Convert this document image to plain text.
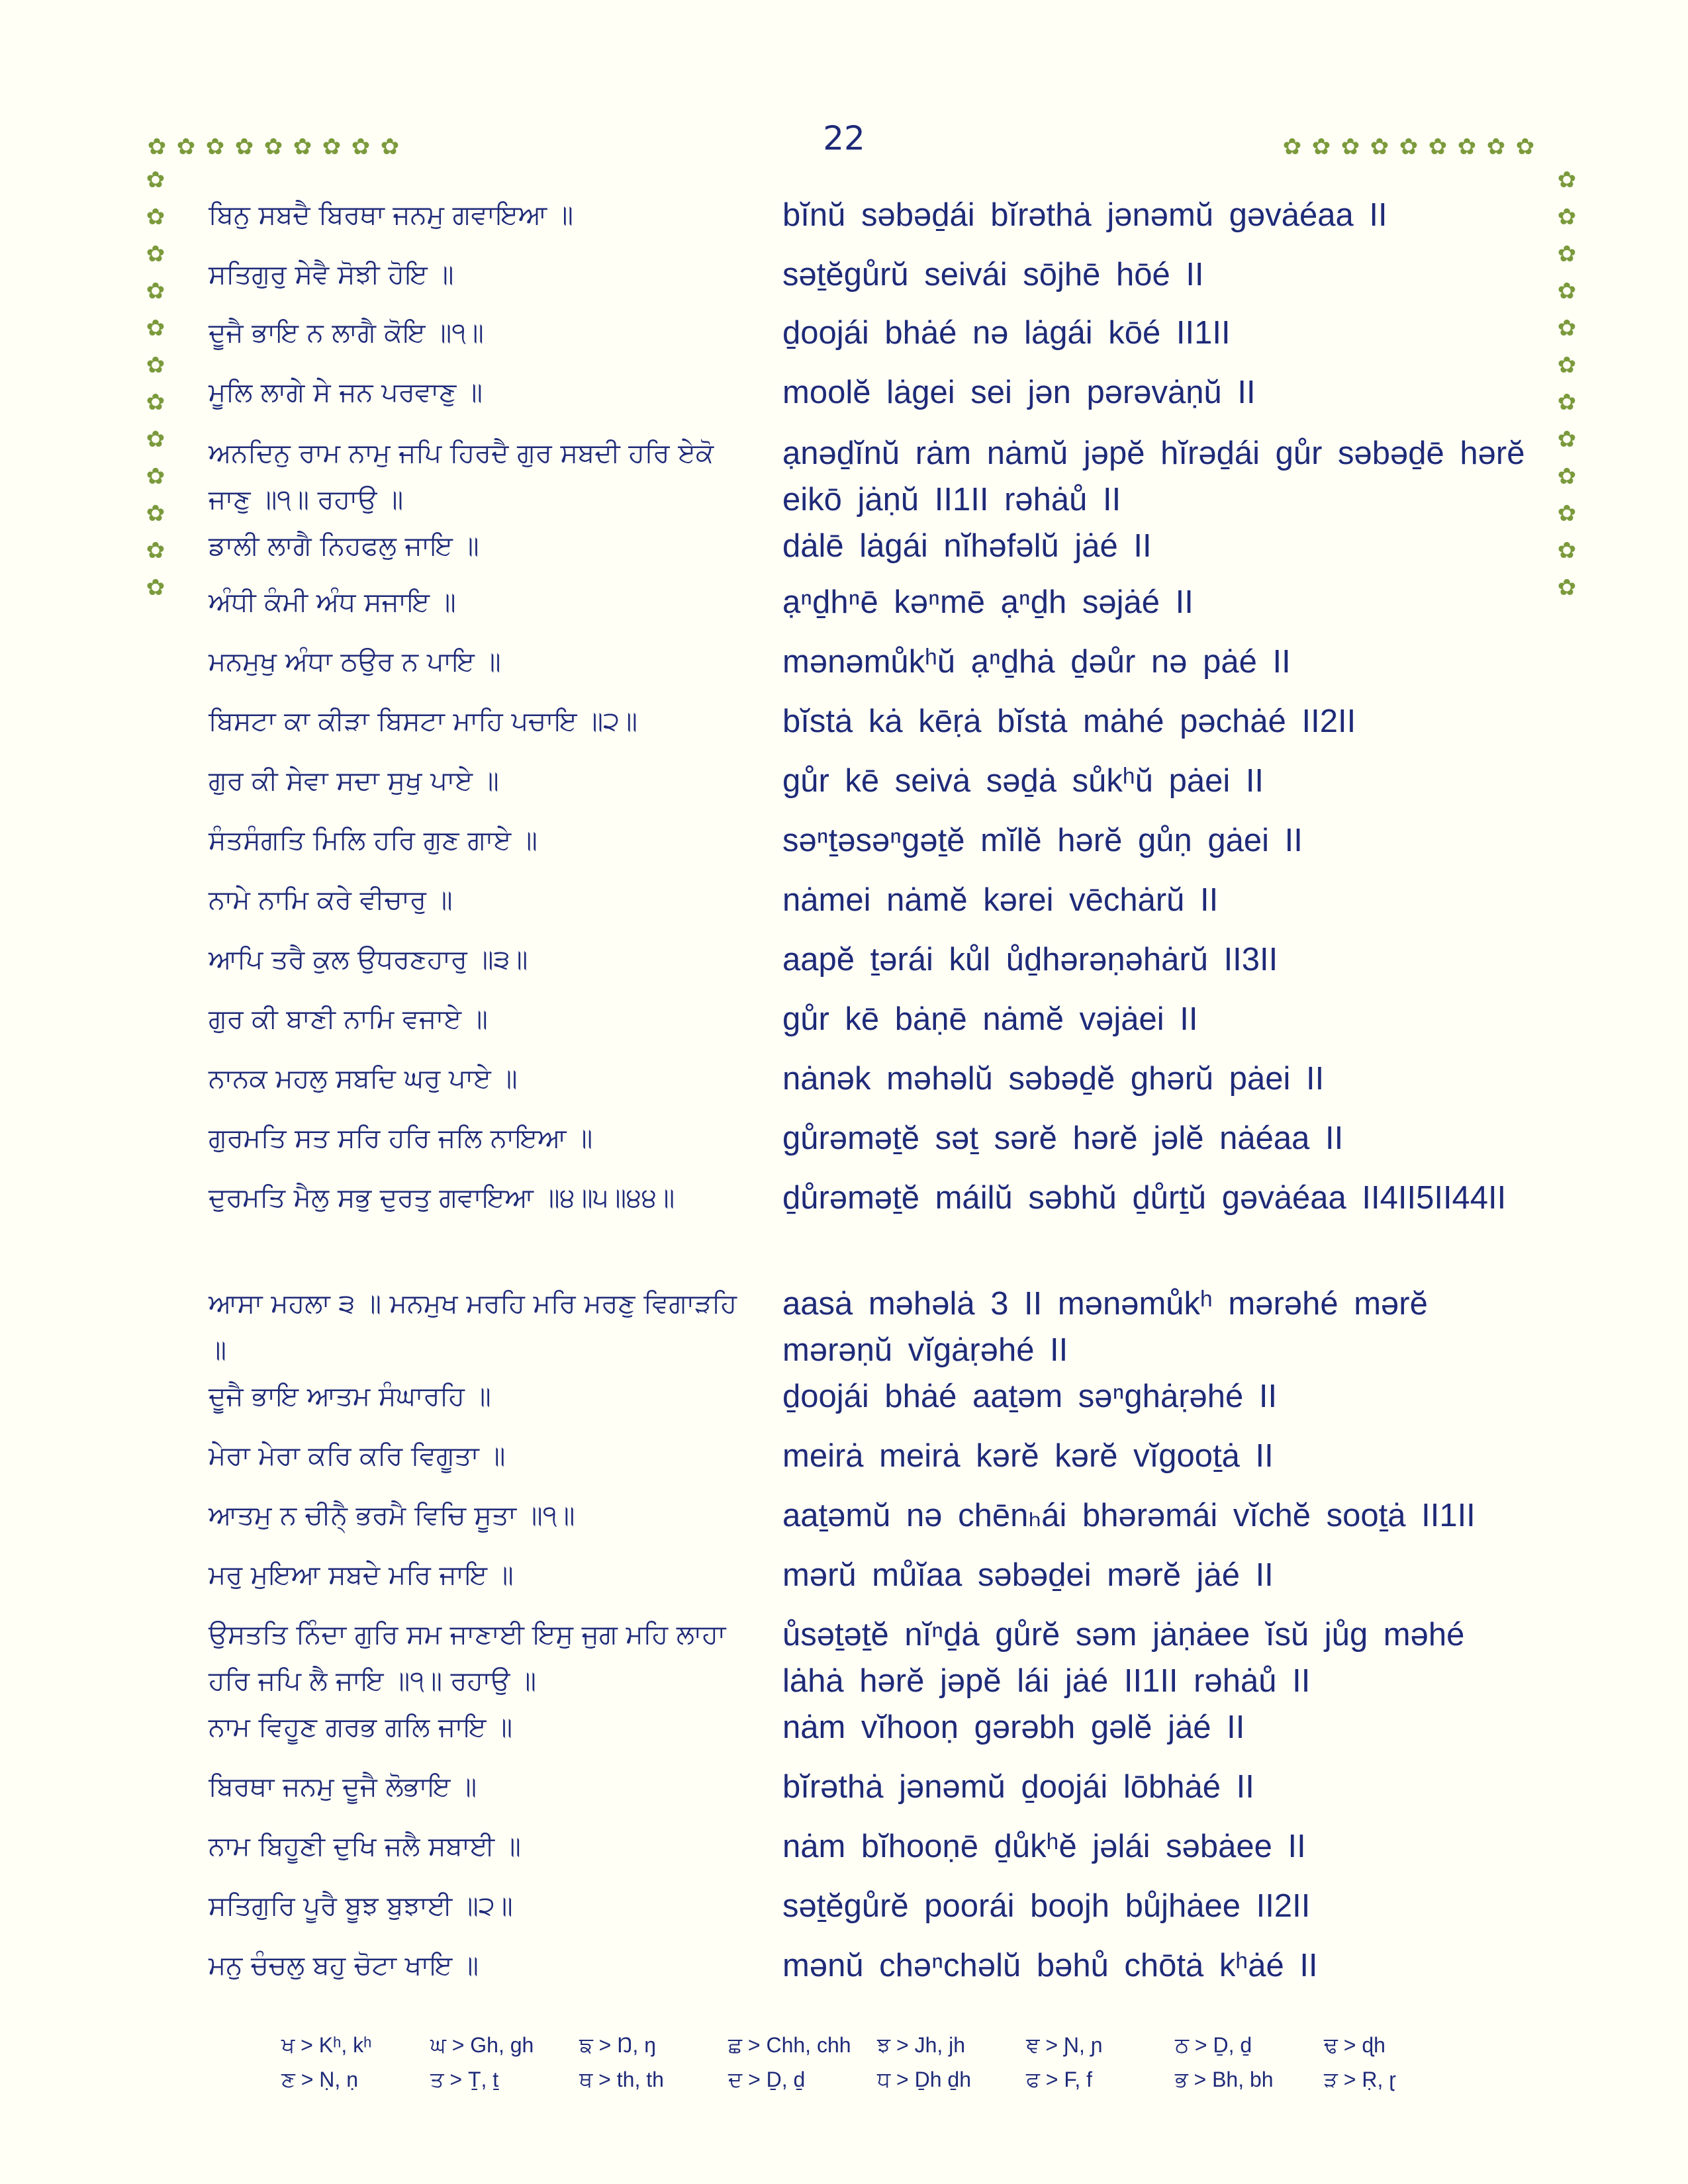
22
✿ ✿ ✿ ✿ ✿ ✿ ✿ ✿ ✿	✿ ✿ ✿ ✿ ✿ ✿ ✿ ✿ ✿
✿
✿
✿
✿
✿
✿
✿
✿
✿
✿
✿
✿
✿
✿
✿
✿
✿
✿
✿
✿
✿
✿
✿
✿
ਬਿਨੁ ਸਬਦੈ ਬਿਰਥਾ ਜਨਮੁ ਗਵਾਇਆ ॥	bĭnŭ sǝbǝḏái bĭrǝthȧ jǝnǝmŭ gǝvȧéaa II
ਸਤਿਗੁਰੁ ਸੇਵੈ ਸੋਝੀ ਹੋਇ ॥	sǝṯĕgůrŭ seivái sōjhē hōé II
ਦੂਜੈ ਭਾਇ ਨ ਲਾਗੈ ਕੋਇ ॥੧॥	ḏoojái bhȧé nǝ lȧgái kōé II1II
ਮੂਲਿ ਲਾਗੇ ਸੇ ਜਨ ਪਰਵਾਣੁ ॥	moolĕ lȧgei sei jǝn pǝrǝvȧṇŭ II
ਅਨਦਿਨੁ ਰਾਮ ਨਾਮੁ ਜਪਿ ਹਿਰਦੈ ਗੁਰ ਸਬਦੀ ਹਰਿ ਏਕੋ ਜਾਣੁ ॥੧॥ ਰਹਾਉ ॥
ạnǝḏĭnŭ rȧm nȧmŭ jǝpĕ hĭrǝḏái gůr sǝbǝḏē hǝrĕ eikō jȧṇŭ II1II rǝhȧů II
ਡਾਲੀ ਲਾਗੈ ਨਿਹਫਲੁ ਜਾਇ ॥	dȧlē lȧgái nĭhǝfǝlŭ jȧé II
ਅੰਧੀ ਕੰਮੀ ਅੰਧ ਸਜਾਇ ॥	ạⁿḏhⁿē kǝⁿmē ạⁿḏh sǝjȧé II
ਮਨਮੁਖੁ ਅੰਧਾ ਠਉਰ ਨ ਪਾਇ ॥	mǝnǝmůkʰŭ ạⁿḏhȧ ḏǝůr nǝ pȧé II
ਬਿਸਟਾ ਕਾ ਕੀੜਾ ਬਿਸਟਾ ਮਾਹਿ ਪਚਾਇ ॥੨॥	bĭstȧ kȧ kēṛȧ bĭstȧ mȧhé pǝchȧé II2II
ਗੁਰ ਕੀ ਸੇਵਾ ਸਦਾ ਸੁਖੁ ਪਾਏ ॥	gůr kē seivȧ sǝḏȧ sůkʰŭ pȧei II
ਸੰਤਸੰਗਤਿ ਮਿਲਿ ਹਰਿ ਗੁਣ ਗਾਏ ॥	sǝⁿṯǝsǝⁿgǝṯĕ mĭlĕ hǝrĕ gůṇ gȧei II
ਨਾਮੇ ਨਾਮਿ ਕਰੇ ਵੀਚਾਰੁ ॥	nȧmei nȧmĕ kǝrei vēchȧrŭ II
ਆਪਿ ਤਰੈ ਕੁਲ ਉਧਰਣਹਾਰੁ ॥੩॥	aapĕ ṯǝrái kůl ůḏhǝrǝṇǝhȧrŭ II3II
ਗੁਰ ਕੀ ਬਾਣੀ ਨਾਮਿ ਵਜਾਏ ॥	gůr kē bȧṇē nȧmĕ vǝjȧei II
ਨਾਨਕ ਮਹਲੁ ਸਬਦਿ ਘਰੁ ਪਾਏ ॥	nȧnǝk mǝhǝlŭ sǝbǝḏĕ ghǝrŭ pȧei II
ਗੁਰਮਤਿ ਸਤ ਸਰਿ ਹਰਿ ਜਲਿ ਨਾਇਆ ॥	gůrǝmǝṯĕ sǝṯ sǝrĕ hǝrĕ jǝlĕ nȧéaa II
ਦੁਰਮਤਿ ਮੈਲੁ ਸਭੁ ਦੁਰਤੁ ਗਵਾਇਆ ॥੪॥੫॥੪੪॥	ḏůrǝmǝṯĕ máilŭ sǝbhŭ ḏůrṯŭ gǝvȧéaa II4II5II44II
ਆਸਾ ਮਹਲਾ ੩ ॥ ਮਨਮੁਖ ਮਰਹਿ ਮਰਿ ਮਰਣੁ ਵਿਗਾੜਹਿ ॥
aasȧ mǝhǝlȧ 3 II mǝnǝmůkʰ mǝrǝhé mǝrĕ mǝrǝṇŭ vĭgȧṛǝhé II
ਦੂਜੈ ਭਾਇ ਆਤਮ ਸੰਘਾਰਹਿ ॥	ḏoojái bhȧé aaṯǝm sǝⁿghȧṛǝhé II
ਮੇਰਾ ਮੇਰਾ ਕਰਿ ਕਰਿ ਵਿਗੂਤਾ ॥	meirȧ meirȧ kǝrĕ kǝrĕ vĭgooṯȧ II
ਆਤਮੁ ਨ ਚੀਨੈ੍ ਭਰਮੈ ਵਿਚਿ ਸੂਤਾ ॥੧॥	aaṯǝmŭ nǝ chēnₕái bhǝrǝmái vĭchĕ sooṯȧ II1II
ਮਰੁ ਮੁਇਆ ਸਬਦੇ ਮਰਿ ਜਾਇ ॥	mǝrŭ můĭaa sǝbǝḏei mǝrĕ jȧé II
ਉਸਤਤਿ ਨਿੰਦਾ ਗੁਰਿ ਸਮ ਜਾਣਾਈ ਇਸੁ ਜੁਗ ਮਹਿ ਲਾਹਾ ਹਰਿ ਜਪਿ ਲੈ ਜਾਇ ॥੧॥ ਰਹਾਉ ॥
ůsǝṯǝṯĕ nĭⁿḏȧ gůrĕ sǝm jȧṇȧee ĭsŭ jůg mǝhé lȧhȧ hǝrĕ jǝpĕ lái jȧé II1II rǝhȧů II
ਨਾਮ ਵਿਹੂਣ ਗਰਭ ਗਲਿ ਜਾਇ ॥	nȧm vĭhooṇ gǝrǝbh gǝlĕ jȧé II
ਬਿਰਥਾ ਜਨਮੁ ਦੂਜੈ ਲੋਭਾਇ ॥	bĭrǝthȧ jǝnǝmŭ ḏoojái lōbhȧé II
ਨਾਮ ਬਿਹੂਣੀ ਦੁਖਿ ਜਲੈ ਸਬਾਈ ॥	nȧm bĭhooṇē ḏůkʰĕ jǝlái sǝbȧee II
ਸਤਿਗੁਰਿ ਪੂਰੈ ਬੂਝ ਬੁਝਾਈ ॥੨॥	sǝṯĕgůrĕ poorái boojh bůjhȧee II2II
ਮਨੁ ਚੰਚਲੁ ਬਹੁ ਚੋਟਾ ਖਾਇ ॥	mǝnŭ chǝⁿchǝlŭ bǝhů chōtȧ kʰȧé II
ਖ > Kʰ, kʰ	ਘ > Gh, gh	ਙ > Ŋ, ŋ	ਛ > Chh, chh	ਝ > Jh, jh	ਞ > Ɲ, ɲ	ਠ > Ḏ, ḏ	ਢ > ɖh
ਣ > Ṇ, ṇ	ਤ > Ṯ, ṯ	ਥ > th, th	ਦ > Ḏ, ḏ	ਧ > Ḏh ḏh	ਫ > F, f	ਭ > Bh, bh	ੜ > Ṛ, ɽ
